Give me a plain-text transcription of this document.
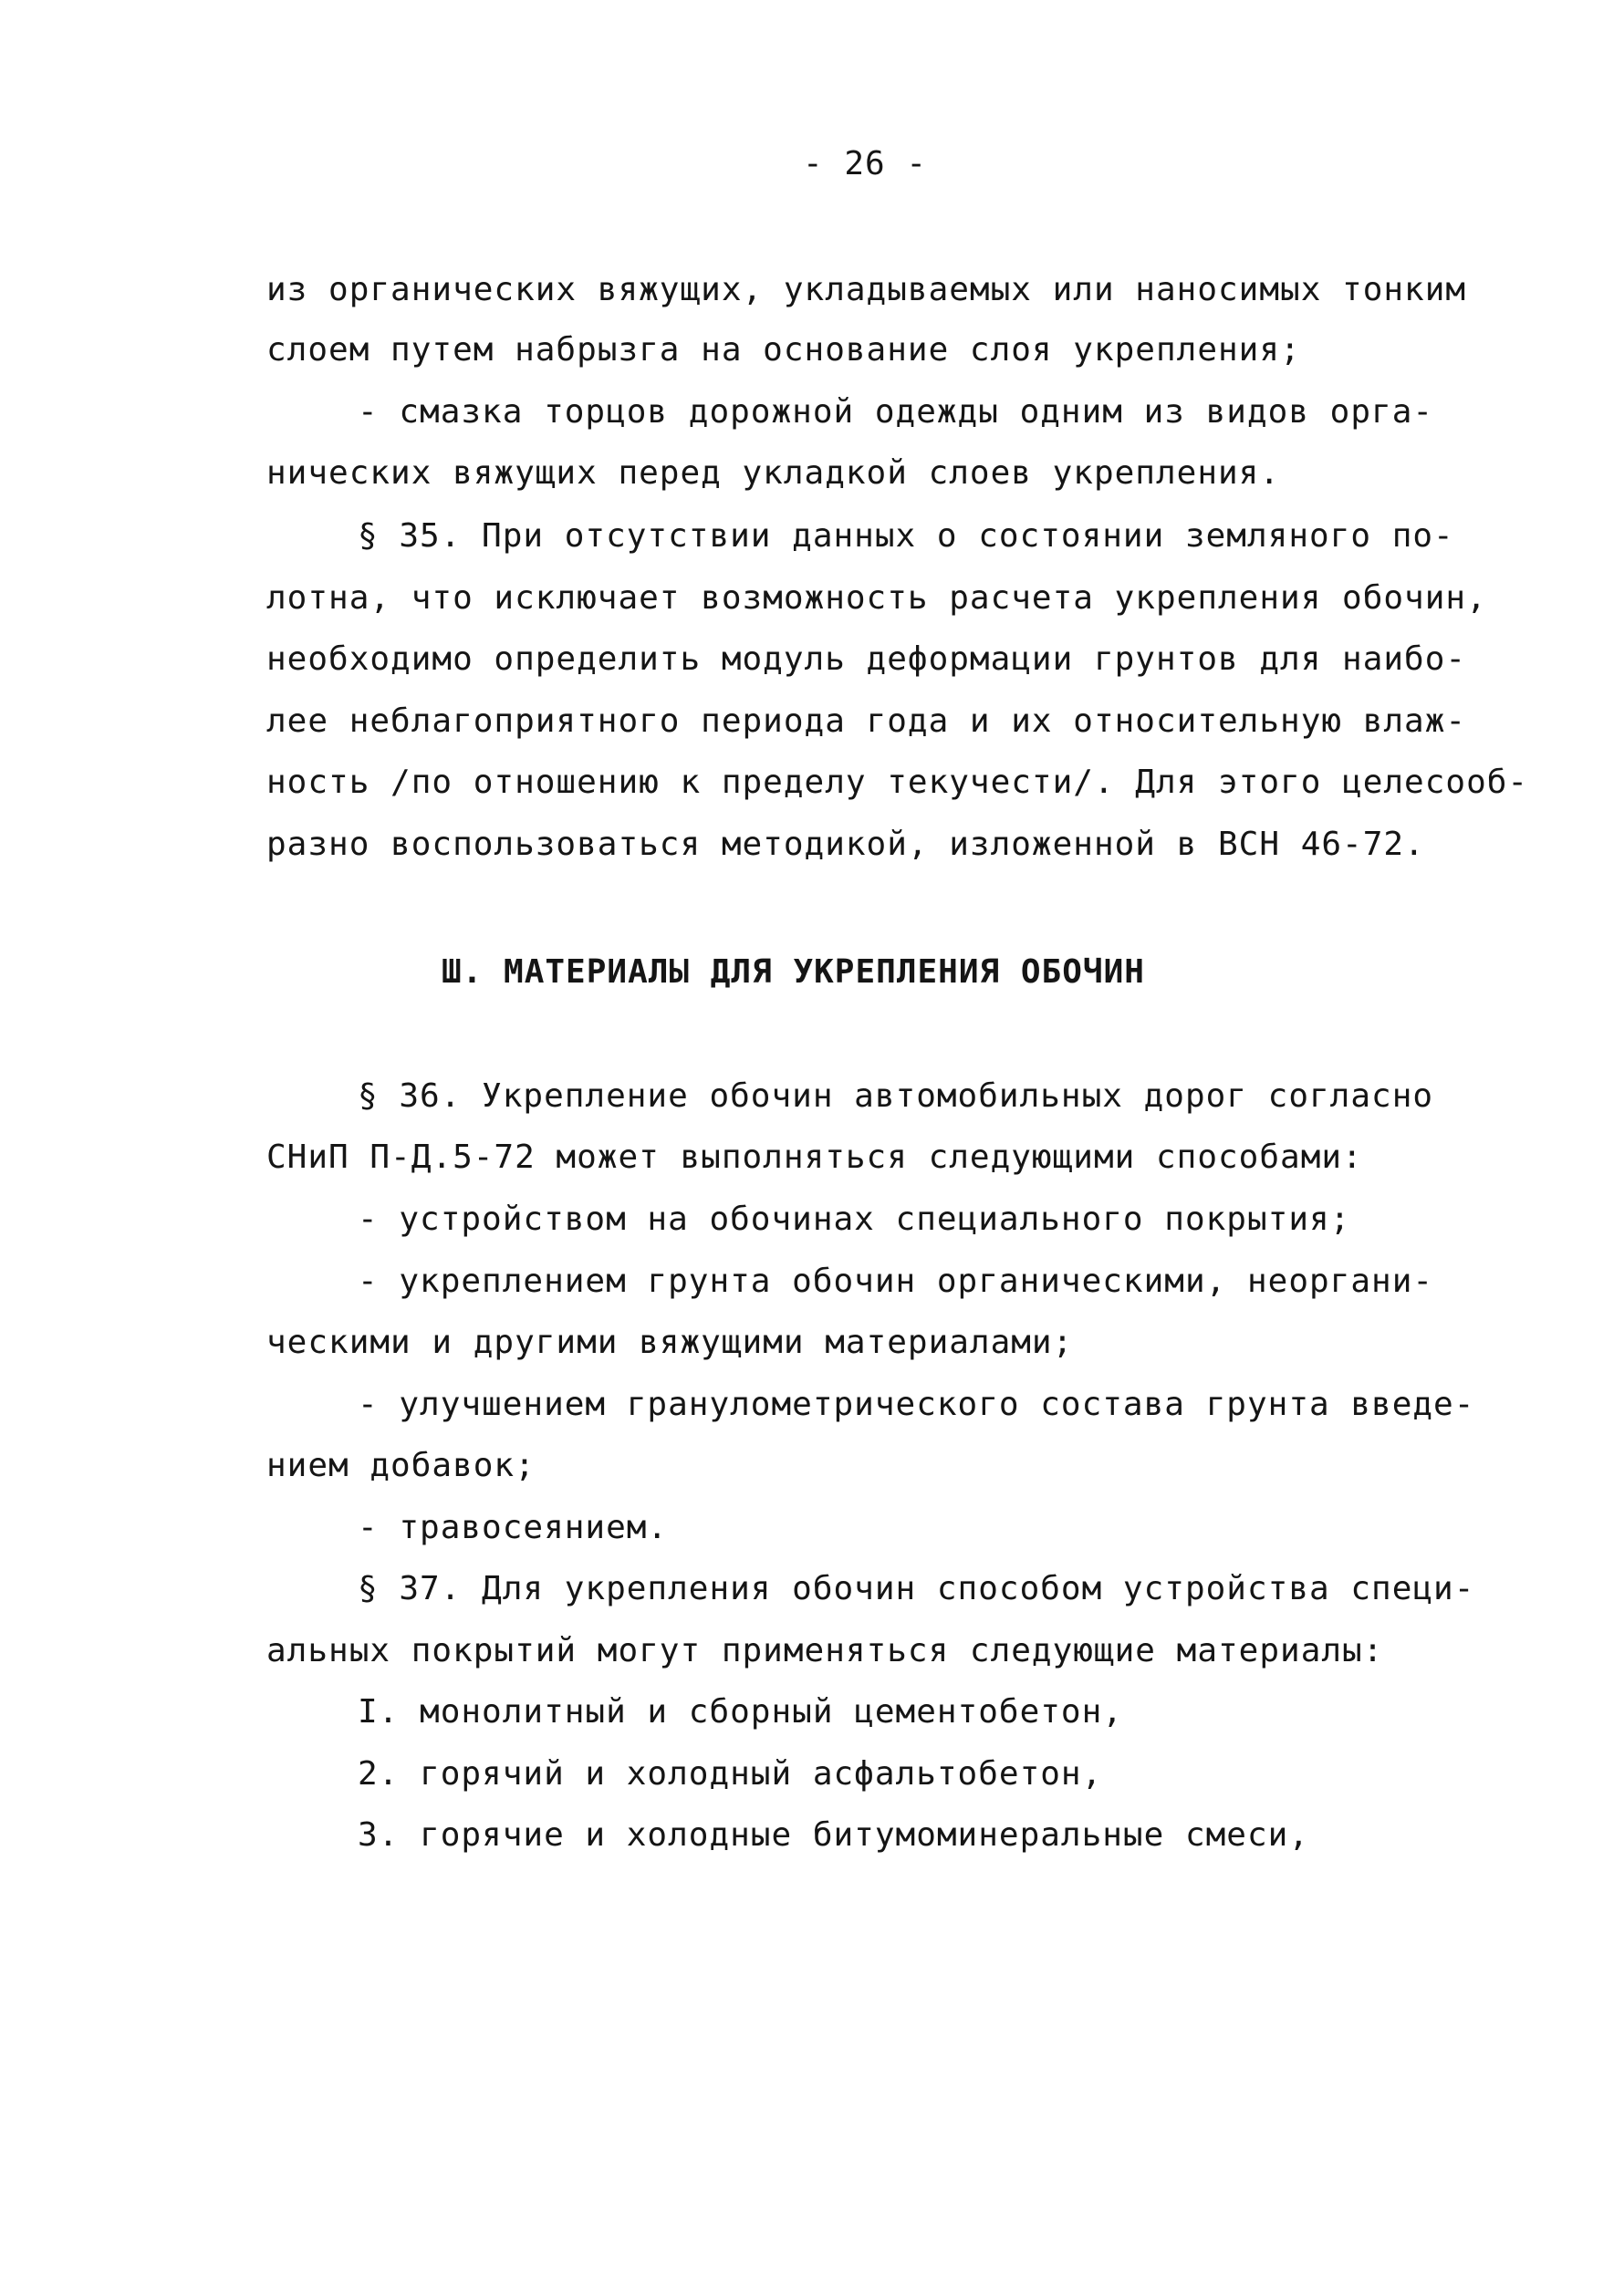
- 26 -
из органических вяжущих, укладываемых или наносимых тонким
слоем путем набрызга на основание слоя укрепления;
- смазка торцов дорожной одежды одним из видов орга-
нических вяжущих перед укладкой слоев укрепления.
§ 35. При отсутствии данных о состоянии земляного по-
лотна, что исключает возможность расчета укрепления обочин,
необходимо определить модуль деформации грунтов для наибо-
лее неблагоприятного периода года и их относительную влаж-
ность /по отношению к пределу текучести/. Для этого целесооб-
разно воспользоваться методикой, изложенной в ВСН 46-72.
Ш. МАТЕРИАЛЫ ДЛЯ УКРЕПЛЕНИЯ ОБОЧИН
§ 36. Укрепление обочин автомобильных дорог согласно
СНиП П-Д.5-72 может выполняться следующими способами:
- устройством на обочинах специального покрытия;
- укреплением грунта обочин органическими, неоргани-
ческими и другими вяжущими материалами;
- улучшением гранулометрического состава грунта введе-
нием добавок;
- травосеянием.
§ 37. Для укрепления обочин способом устройства специ-
альных покрытий могут применяться следующие материалы:
I. монолитный и сборный цементобетон,
2. горячий и холодный асфальтобетон,
3. горячие и холодные битумоминеральные смеси,
